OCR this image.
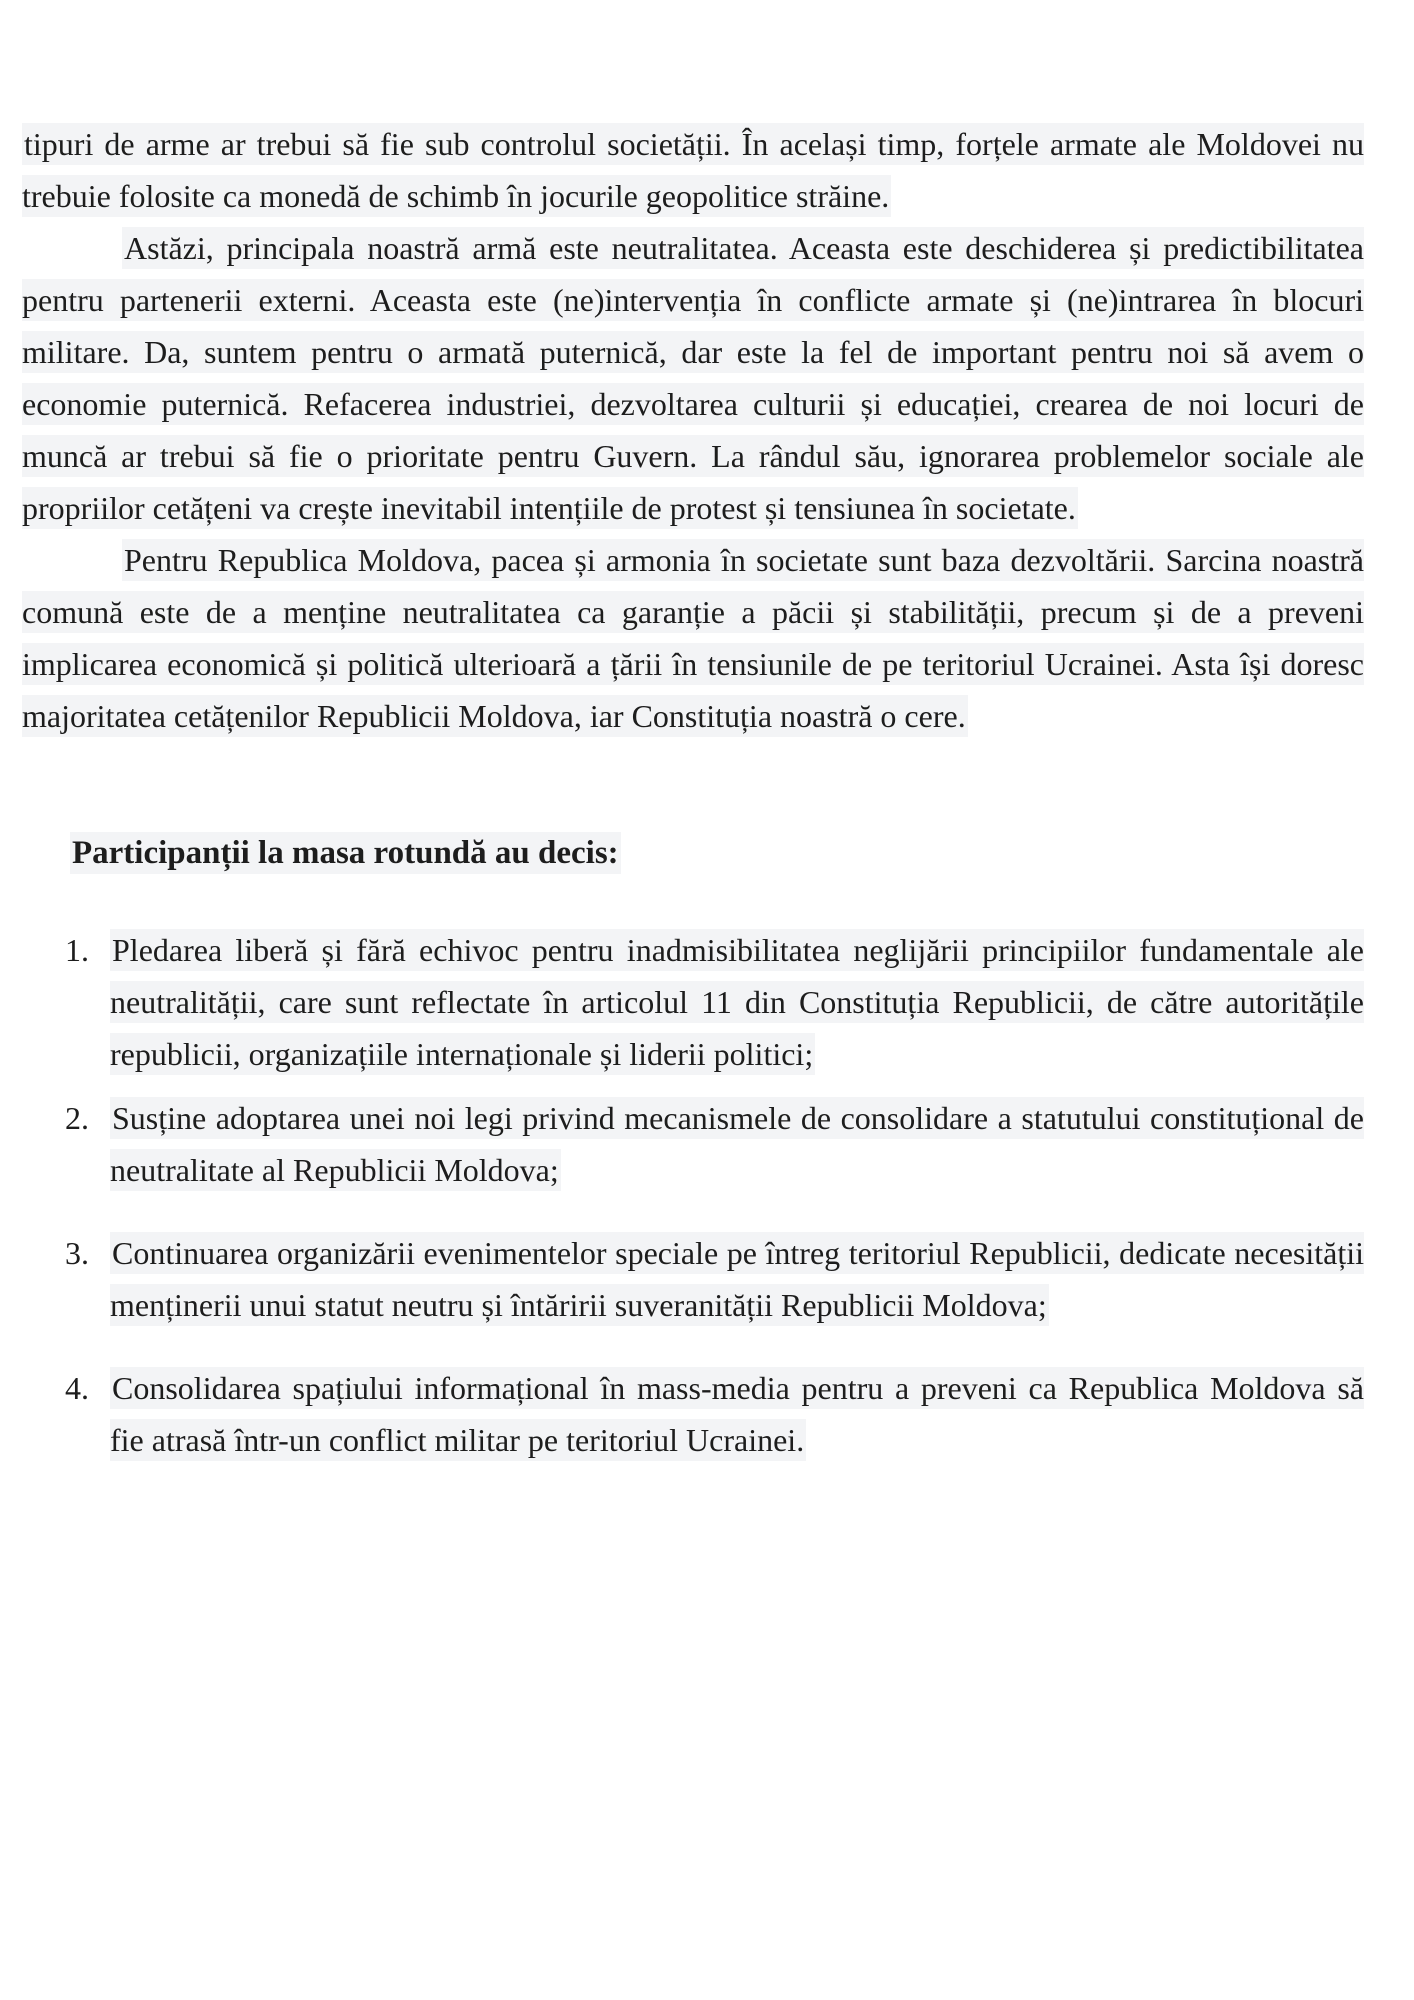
tipuri de arme ar trebui să fie sub controlul societății. În același timp, forțele armate ale Moldovei nu trebuie folosite ca monedă de schimb în jocurile geopolitice străine.

Astăzi, principala noastră armă este neutralitatea. Aceasta este deschiderea și predictibilitatea pentru partenerii externi. Aceasta este (ne)intervenția în conflicte armate și (ne)intrarea în blocuri militare. Da, suntem pentru o armată puternică, dar este la fel de important pentru noi să avem o economie puternică. Refacerea industriei, dezvoltarea culturii și educației, crearea de noi locuri de muncă ar trebui să fie o prioritate pentru Guvern. La rândul său, ignorarea problemelor sociale ale propriilor cetățeni va crește inevitabil intențiile de protest și tensiunea în societate.

Pentru Republica Moldova, pacea și armonia în societate sunt baza dezvoltării. Sarcina noastră comună este de a menține neutralitatea ca garanție a păcii și stabilității, precum și de a preveni implicarea economică și politică ulterioară a țării în tensiunile de pe teritoriul Ucrainei. Asta își doresc majoritatea cetățenilor Republicii Moldova, iar Constituția noastră o cere.

Participanții la masa rotundă au decis:
1. Pledarea liberă și fără echivoc pentru inadmisibilitatea neglijării principiilor fundamentale ale neutralității, care sunt reflectate în articolul 11 din Constituția Republicii, de către autoritățile republicii, organizațiile internaționale și liderii politici;
2. Susține adoptarea unei noi legi privind mecanismele de consolidare a statutului constituțional de neutralitate al Republicii Moldova;
3. Continuarea organizării evenimentelor speciale pe întreg teritoriul Republicii, dedicate necesității menținerii unui statut neutru și întăririi suveranității Republicii Moldova;
4. Consolidarea spațiului informațional în mass-media pentru a preveni ca Republica Moldova să fie atrasă într-un conflict militar pe teritoriul Ucrainei.
